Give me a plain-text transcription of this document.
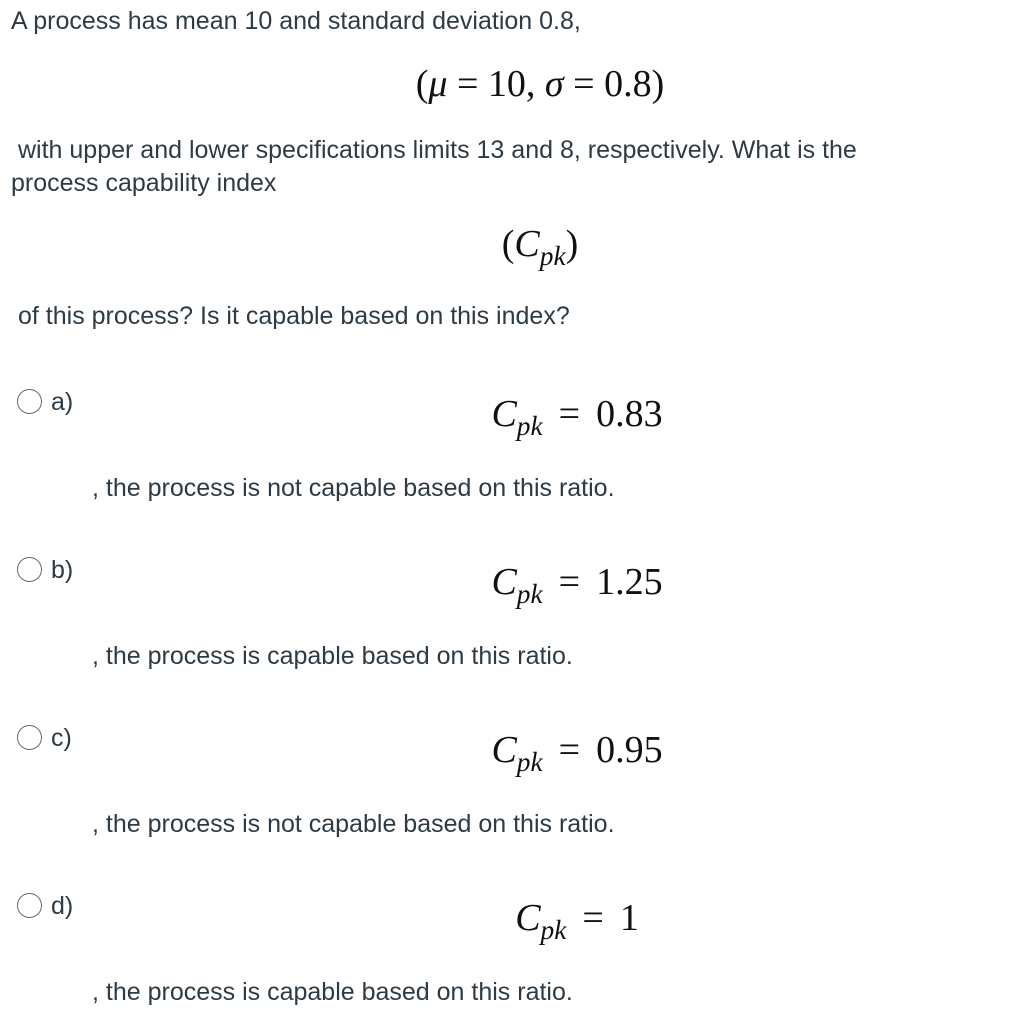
A process has mean 10 and standard deviation 0.8,
(μ = 10, σ = 0.8)
with upper and lower specifications limits 13 and 8, respectively. What is the
process capability index
$(C_{pk})$
of this process? Is it capable based on this index?
a)	$C_{pk} = 0.83$
, the process is not capable based on this ratio.
b)	$C_{pk} = 1.25$
, the process is capable based on this ratio.
c)	$C_{pk} = 0.95$
, the process is not capable based on this ratio.
d)	$C_{pk} = 1$
, the process is capable based on this ratio.
